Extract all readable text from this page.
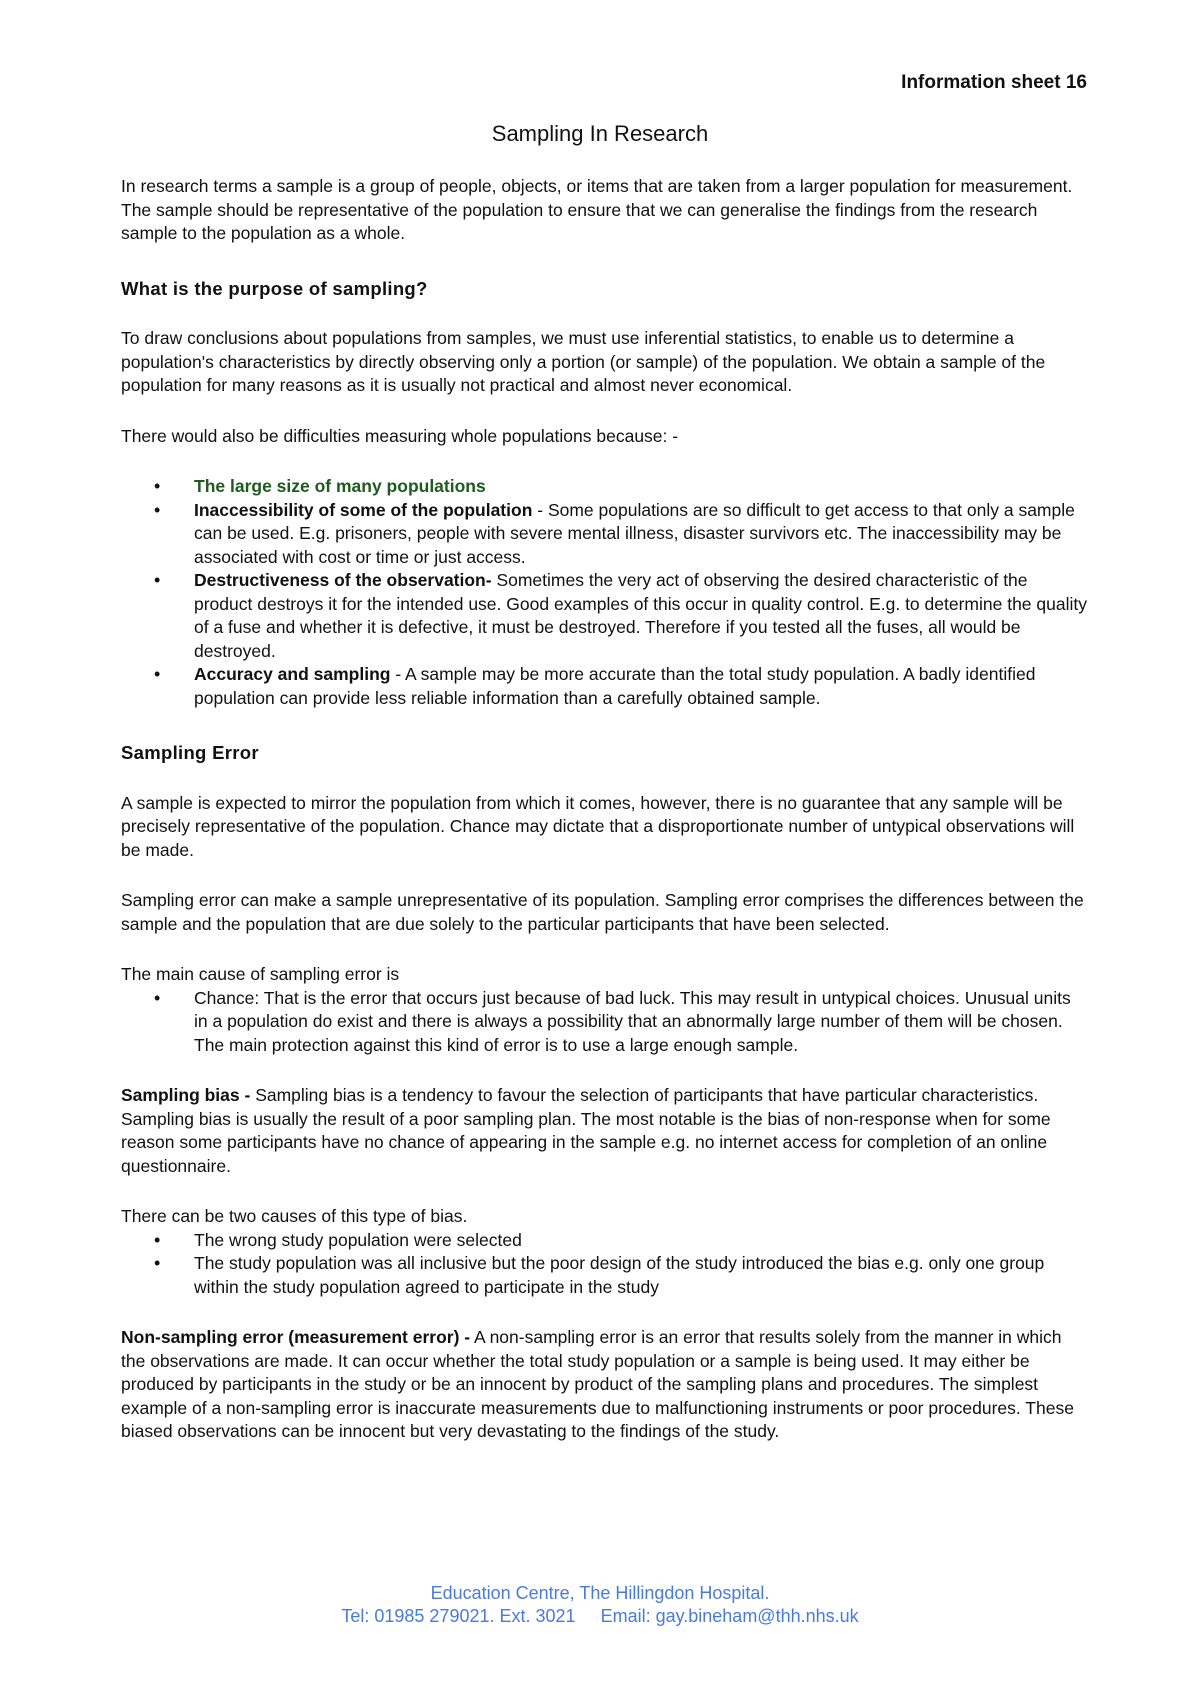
Information sheet 16
Sampling In Research

In research terms a sample is a group of people, objects, or items that are taken from a larger population for measurement. The sample should be representative of the population to ensure that we can generalise the findings from the research sample to the population as a whole.

What is the purpose of sampling?

To draw conclusions about populations from samples, we must use inferential statistics, to enable us to determine a population's characteristics by directly observing only a portion (or sample) of the population. We obtain a sample of the population for many reasons as it is usually not practical and almost never economical.

There would also be difficulties measuring whole populations because: -

• The large size of many populations
• Inaccessibility of some of the population - Some populations are so difficult to get access to that only a sample can be used. E.g. prisoners, people with severe mental illness, disaster survivors etc. The inaccessibility may be associated with cost or time or just access.
• Destructiveness of the observation- Sometimes the very act of observing the desired characteristic of the product destroys it for the intended use. Good examples of this occur in quality control. E.g. to determine the quality of a fuse and whether it is defective, it must be destroyed. Therefore if you tested all the fuses, all would be destroyed.
• Accuracy and sampling - A sample may be more accurate than the total study population. A badly identified population can provide less reliable information than a carefully obtained sample.

Sampling Error

A sample is expected to mirror the population from which it comes, however, there is no guarantee that any sample will be precisely representative of the population. Chance may dictate that a disproportionate number of untypical observations will be made.

Sampling error can make a sample unrepresentative of its population. Sampling error comprises the differences between the sample and the population that are due solely to the particular participants that have been selected.

The main cause of sampling error is

• Chance: That is the error that occurs just because of bad luck. This may result in untypical choices. Unusual units in a population do exist and there is always a possibility that an abnormally large number of them will be chosen. The main protection against this kind of error is to use a large enough sample.

Sampling bias - Sampling bias is a tendency to favour the selection of participants that have particular characteristics. Sampling bias is usually the result of a poor sampling plan. The most notable is the bias of non-response when for some reason some participants have no chance of appearing in the sample e.g. no internet access for completion of an online questionnaire.

There can be two causes of this type of bias.

• The wrong study population were selected
• The study population was all inclusive but the poor design of the study introduced the bias e.g. only one group within the study population agreed to participate in the study

Non-sampling error (measurement error) - A non-sampling error is an error that results solely from the manner in which the observations are made. It can occur whether the total study population or a sample is being used. It may either be produced by participants in the study or be an innocent by product of the sampling plans and procedures. The simplest example of a non-sampling error is inaccurate measurements due to malfunctioning instruments or poor procedures. These biased observations can be innocent but very devastating to the findings of the study.

Education Centre, The Hillingdon Hospital.
Tel: 01985 279021. Ext. 3021 Email: gay.bineham@thh.nhs.uk
